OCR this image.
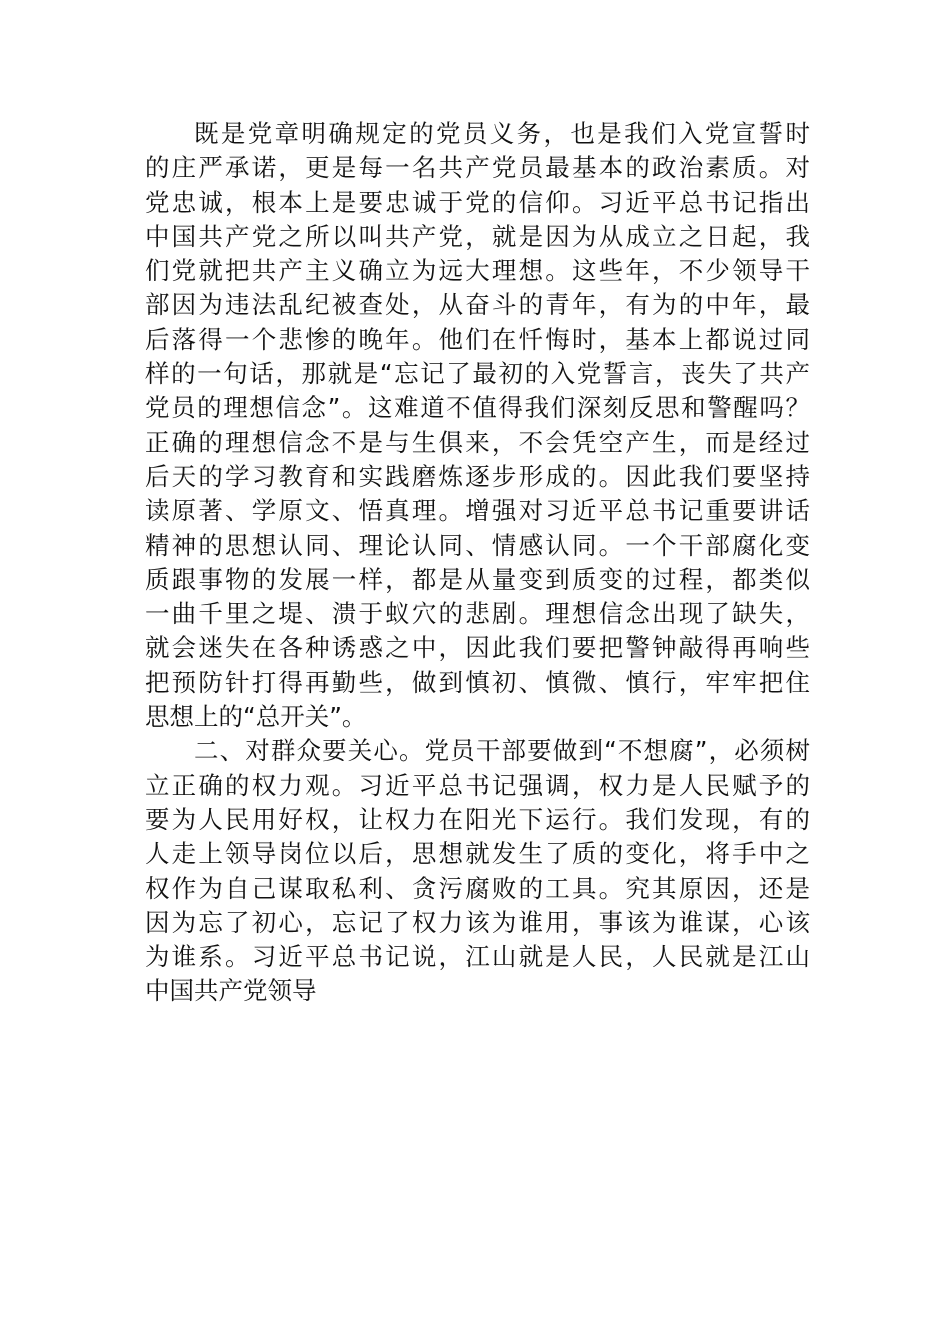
既是党章明确规定的党员义务，也是我们入党宣誓时
的庄严承诺，更是每一名共产党员最基本的政治素质。对
党忠诚，根本上是要忠诚于党的信仰。习近平总书记指出
中国共产党之所以叫共产党，就是因为从成立之日起，我
们党就把共产主义确立为远大理想。这些年，不少领导干
部因为违法乱纪被查处，从奋斗的青年，有为的中年，最
后落得一个悲惨的晚年。他们在忏悔时，基本上都说过同
样的一句话，那就是“忘记了最初的入党誓言，丧失了共产
党员的理想信念”。这难道不值得我们深刻反思和警醒吗？
正确的理想信念不是与生俱来，不会凭空产生，而是经过
后天的学习教育和实践磨炼逐步形成的。因此我们要坚持
读原著、学原文、悟真理。增强对习近平总书记重要讲话
精神的思想认同、理论认同、情感认同。一个干部腐化变
质跟事物的发展一样，都是从量变到质变的过程，都类似
一曲千里之堤、溃于蚁穴的悲剧。理想信念出现了缺失，
就会迷失在各种诱惑之中，因此我们要把警钟敲得再响些
把预防针打得再勤些，做到慎初、慎微、慎行，牢牢把住
思想上的“总开关”。
二、对群众要关心。党员干部要做到“不想腐”，必须树
立正确的权力观。习近平总书记强调，权力是人民赋予的
要为人民用好权，让权力在阳光下运行。我们发现，有的
人走上领导岗位以后，思想就发生了质的变化，将手中之
权作为自己谋取私利、贪污腐败的工具。究其原因，还是
因为忘了初心，忘记了权力该为谁用，事该为谁谋，心该
为谁系。习近平总书记说，江山就是人民，人民就是江山
中国共产党领导
